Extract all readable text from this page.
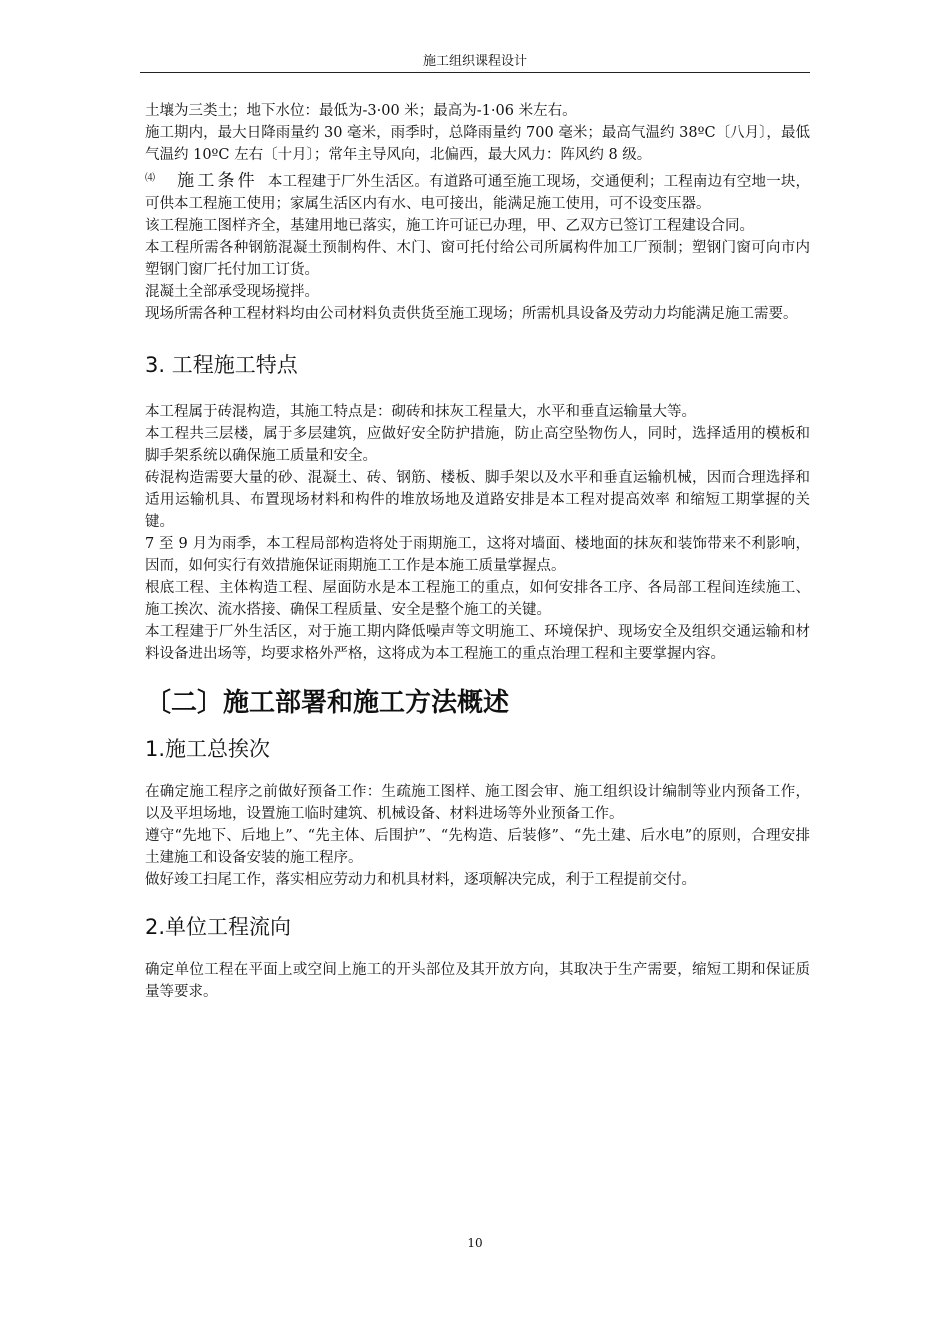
施工组织课程设计

土壤为三类土；地下水位：最低为-3·00 米；最高为-1·06 米左右。

施工期内，最大日降雨量约 30 毫米，雨季时，总降雨量约 700 毫米；最高气温约 38ºC〔八月〕，最低气温约 10ºC 左右〔十月〕；常年主导风向，北偏西，最大风力：阵风约 8 级。

⑷ 施工条件 本工程建于厂外生活区。有道路可通至施工现场，交通便利；工程南边有空地一块，可供本工程施工使用；家属生活区内有水、电可接出，能满足施工使用，可不设变压器。

该工程施工图样齐全，基建用地已落实，施工许可证已办理，甲、乙双方已签订工程建设合同。

本工程所需各种钢筋混凝土预制构件、木门、窗可托付给公司所属构件加工厂预制；塑钢门窗可向市内塑钢门窗厂托付加工订货。

混凝土全部承受现场搅拌。

现场所需各种工程材料均由公司材料负责供货至施工现场；所需机具设备及劳动力均能满足施工需要。

3. 工程施工特点

本工程属于砖混构造，其施工特点是：砌砖和抹灰工程量大，水平和垂直运输量大等。

本工程共三层楼，属于多层建筑，应做好安全防护措施，防止高空坠物伤人，同时，选择适用的模板和脚手架系统以确保施工质量和安全。

砖混构造需要大量的砂、混凝土、砖、钢筋、楼板、脚手架以及水平和垂直运输机械，因而合理选择和适用运输机具、布置现场材料和构件的堆放场地及道路安排是本工程对提高效率 和缩短工期掌握的关键。

7 至 9 月为雨季，本工程局部构造将处于雨期施工，这将对墙面、楼地面的抹灰和装饰带来不利影响，因而，如何实行有效措施保证雨期施工工作是本施工质量掌握点。

根底工程、主体构造工程、屋面防水是本工程施工的重点，如何安排各工序、各局部工程间连续施工、施工挨次、流水搭接、确保工程质量、安全是整个施工的关键。

本工程建于厂外生活区，对于施工期内降低噪声等文明施工、环境保护、现场安全及组织交通运输和材料设备进出场等，均要求格外严格，这将成为本工程施工的重点治理工程和主要掌握内容。

〔二〕施工部署和施工方法概述
1.施工总挨次

在确定施工程序之前做好预备工作：生疏施工图样、施工图会审、施工组织设计编制等业内预备工作，以及平坦场地，设置施工临时建筑、机械设备、材料进场等外业预备工作。

遵守“先地下、后地上”、“先主体、后围护”、“先构造、后装修”、“先土建、后水电”的原则，合理安排土建施工和设备安装的施工程序。

做好竣工扫尾工作，落实相应劳动力和机具材料，逐项解决完成，利于工程提前交付。

2.单位工程流向

确定单位工程在平面上或空间上施工的开头部位及其开放方向，其取决于生产需要，缩短工期和保证质量等要求。

10
